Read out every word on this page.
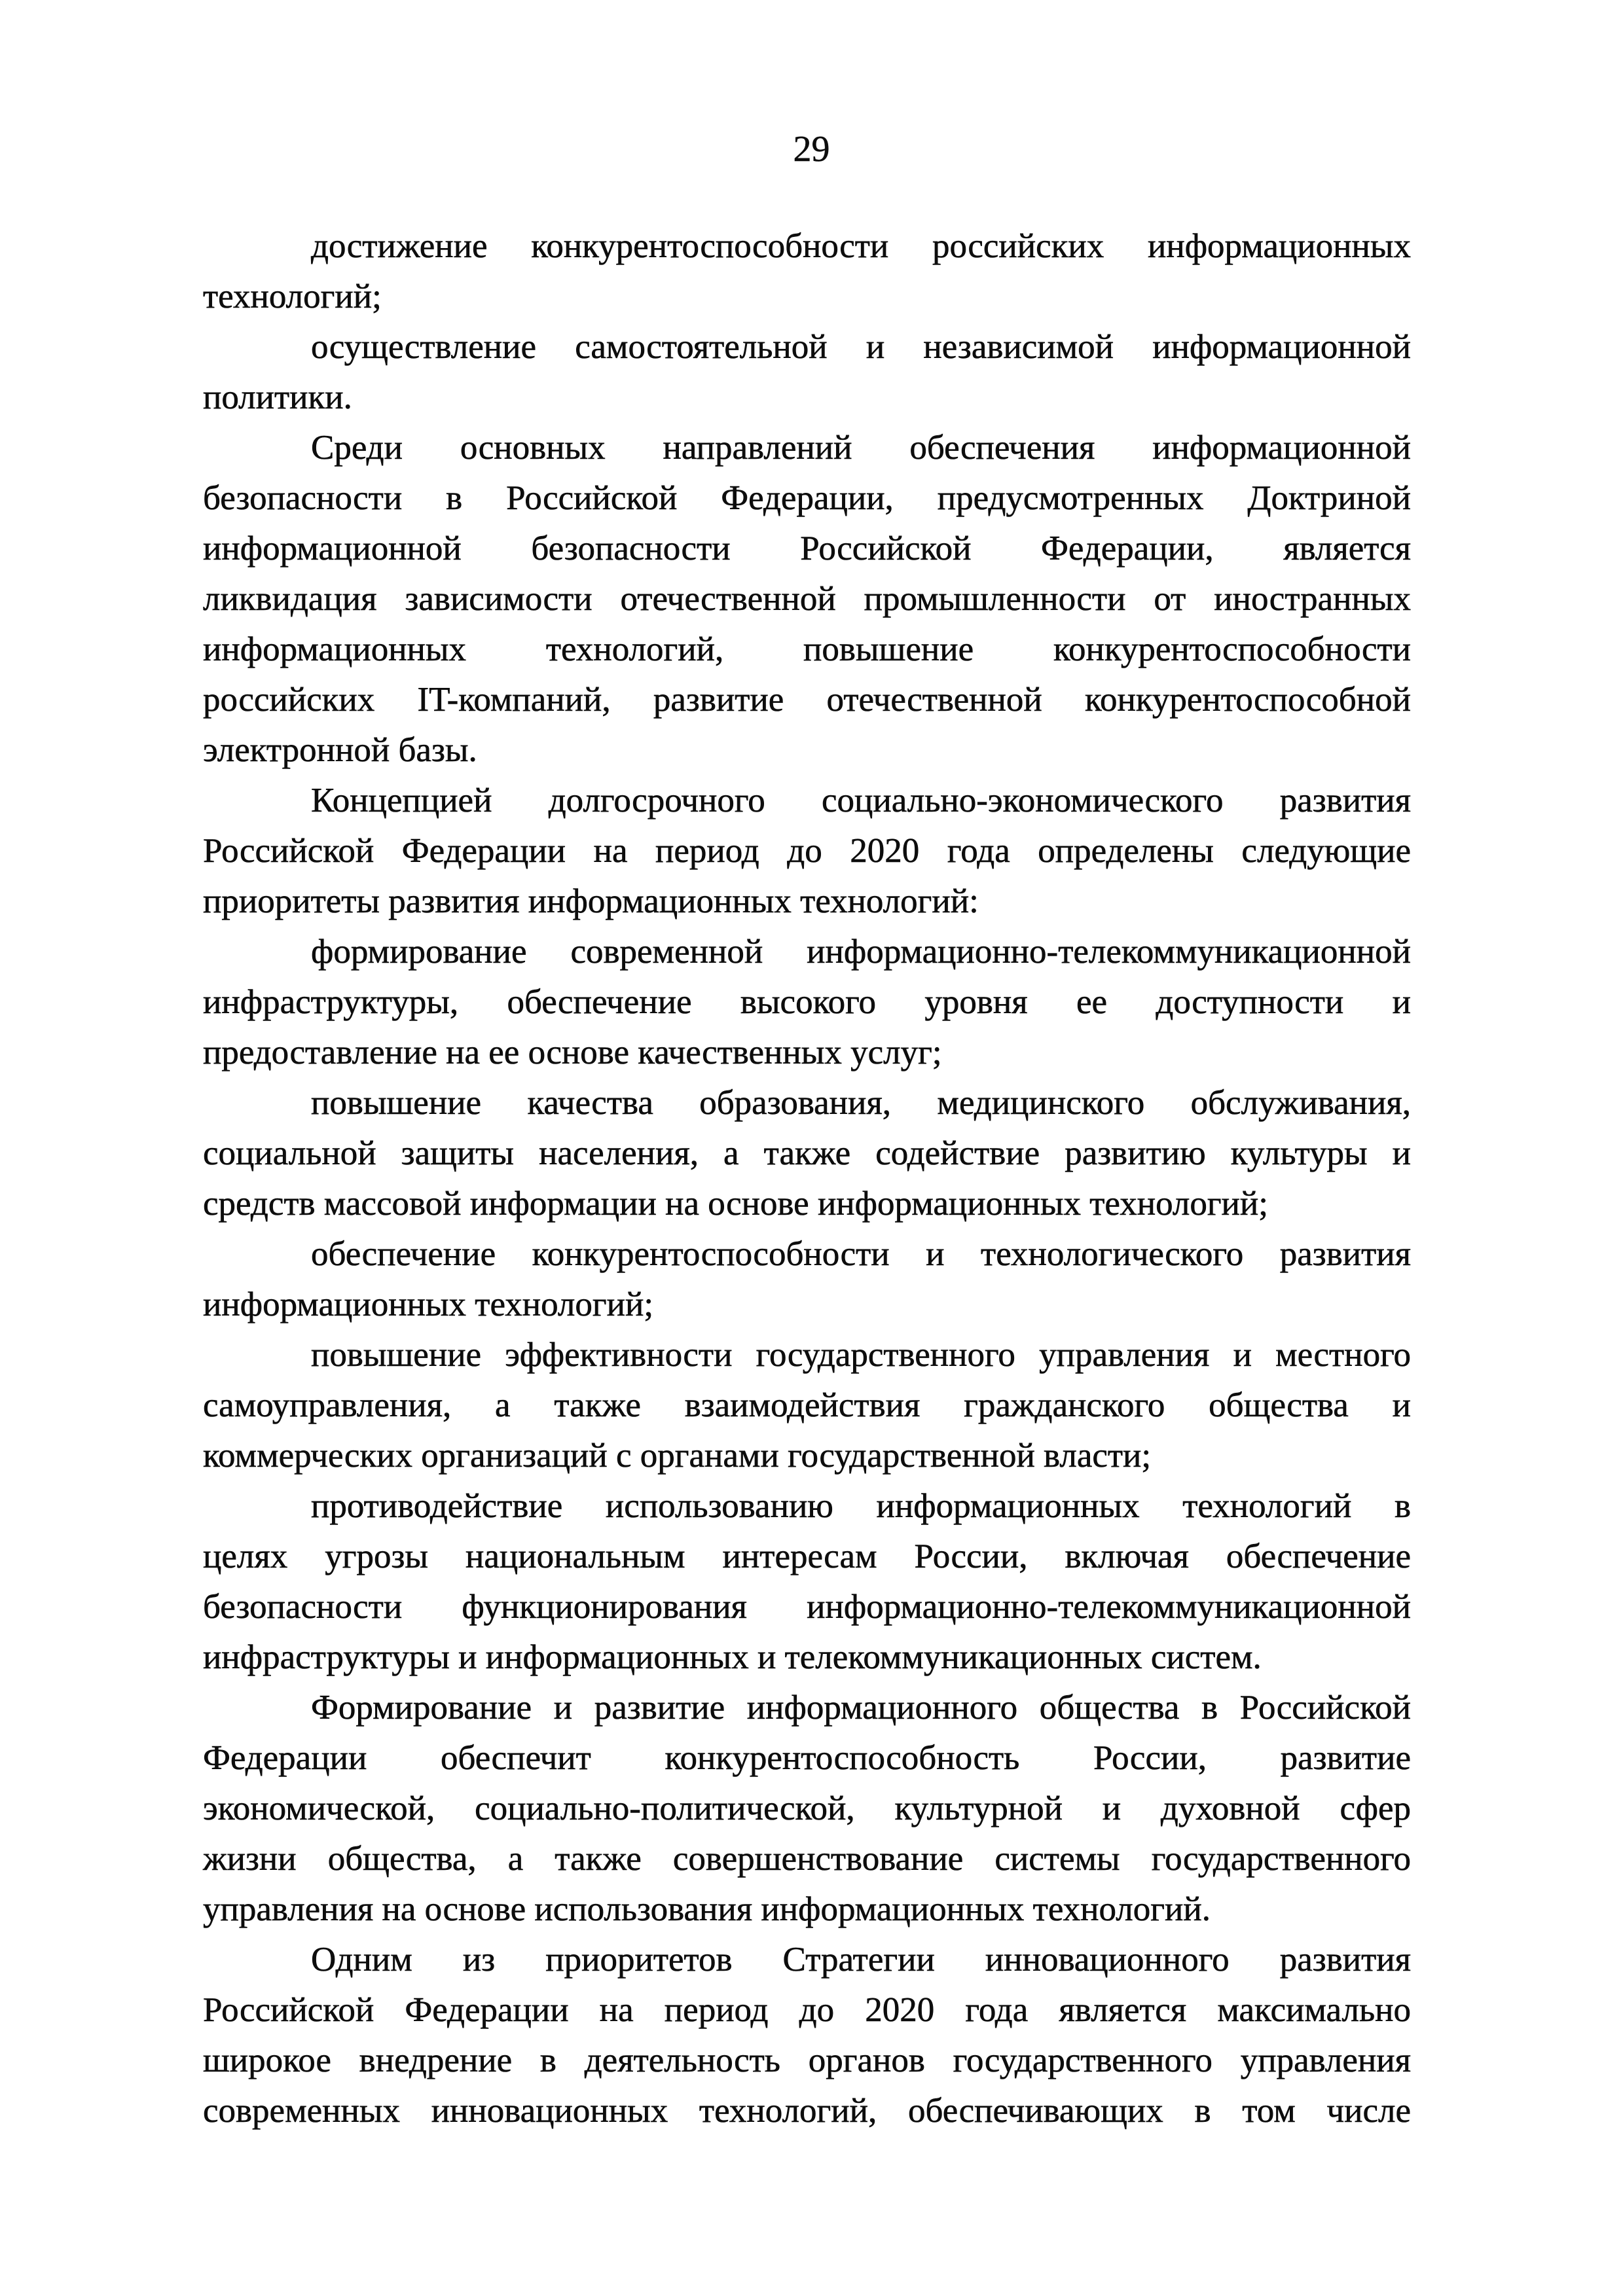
29
достижение конкурентоспособности российских информационных
технологий;
осуществление самостоятельной и независимой информационной
политики.
Среди основных направлений обеспечения информационной
безопасности в Российской Федерации, предусмотренных Доктриной
информационной безопасности Российской Федерации, является
ликвидация зависимости отечественной промышленности от иностранных
информационных технологий, повышение конкурентоспособности
российских IT-компаний, развитие отечественной конкурентоспособной
электронной базы.
Концепцией долгосрочного социально-экономического развития
Российской Федерации на период до 2020 года определены следующие
приоритеты развития информационных технологий:
формирование современной информационно-телекоммуникационной
инфраструктуры, обеспечение высокого уровня ее доступности и
предоставление на ее основе качественных услуг;
повышение качества образования, медицинского обслуживания,
социальной защиты населения, а также содействие развитию культуры и
средств массовой информации на основе информационных технологий;
обеспечение конкурентоспособности и технологического развития
информационных технологий;
повышение эффективности государственного управления и местного
самоуправления, а также взаимодействия гражданского общества и
коммерческих организаций с органами государственной власти;
противодействие использованию информационных технологий в
целях угрозы национальным интересам России, включая обеспечение
безопасности функционирования информационно-телекоммуникационной
инфраструктуры и информационных и телекоммуникационных систем.
Формирование и развитие информационного общества в Российской
Федерации обеспечит конкурентоспособность России, развитие
экономической, социально-политической, культурной и духовной сфер
жизни общества, а также совершенствование системы государственного
управления на основе использования информационных технологий.
Одним из приоритетов Стратегии инновационного развития
Российской Федерации на период до 2020 года является максимально
широкое внедрение в деятельность органов государственного управления
современных инновационных технологий, обеспечивающих в том числе
